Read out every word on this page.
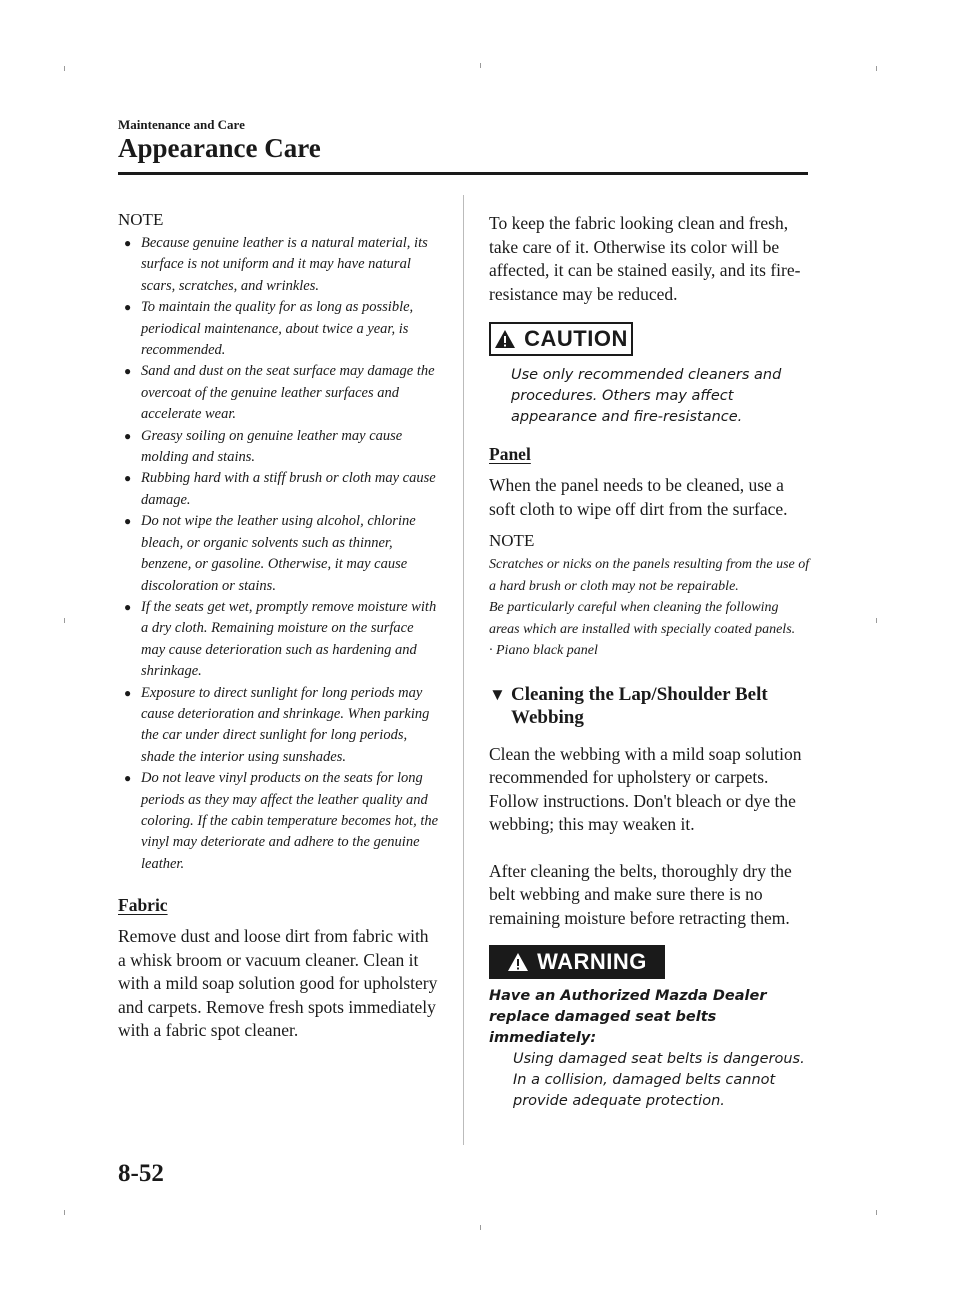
Maintenance and Care
Appearance Care

NOTE

● Because genuine leather is a natural material, its surface is not uniform and it may have natural scars, scratches, and wrinkles.
● To maintain the quality for as long as possible, periodical maintenance, about twice a year, is recommended.
● Sand and dust on the seat surface may damage the overcoat of the genuine leather surfaces and accelerate wear.
● Greasy soiling on genuine leather may cause molding and stains.
● Rubbing hard with a stiff brush or cloth may cause damage.
● Do not wipe the leather using alcohol, chlorine bleach, or organic solvents such as thinner, benzene, or gasoline. Otherwise, it may cause discoloration or stains.
● If the seats get wet, promptly remove moisture with a dry cloth. Remaining moisture on the surface may cause deterioration such as hardening and shrinkage.
● Exposure to direct sunlight for long periods may cause deterioration and shrinkage. When parking the car under direct sunlight for long periods, shade the interior using sunshades.
● Do not leave vinyl products on the seats for long periods as they may affect the leather quality and coloring. If the cabin temperature becomes hot, the vinyl may deteriorate and adhere to the genuine leather.

Fabric

Remove dust and loose dirt from fabric with a whisk broom or vacuum cleaner. Clean it with a mild soap solution good for upholstery and carpets. Remove fresh spots immediately with a fabric spot cleaner.

To keep the fabric looking clean and fresh, take care of it. Otherwise its color will be affected, it can be stained easily, and its fire-resistance may be reduced.

CAUTION

Use only recommended cleaners and procedures. Others may affect appearance and fire-resistance.

Panel

When the panel needs to be cleaned, use a soft cloth to wipe off dirt from the surface.

NOTE

Scratches or nicks on the panels resulting from the use of a hard brush or cloth may not be repairable.

Be particularly careful when cleaning the following areas which are installed with specially coated panels.

· Piano black panel

▼ Cleaning the Lap/Shoulder Belt Webbing

Clean the webbing with a mild soap solution recommended for upholstery or carpets. Follow instructions. Don't bleach or dye the webbing; this may weaken it.

After cleaning the belts, thoroughly dry the belt webbing and make sure there is no remaining moisture before retracting them.

WARNING

Have an Authorized Mazda Dealer replace damaged seat belts immediately:

Using damaged seat belts is dangerous. In a collision, damaged belts cannot provide adequate protection.

8-52
